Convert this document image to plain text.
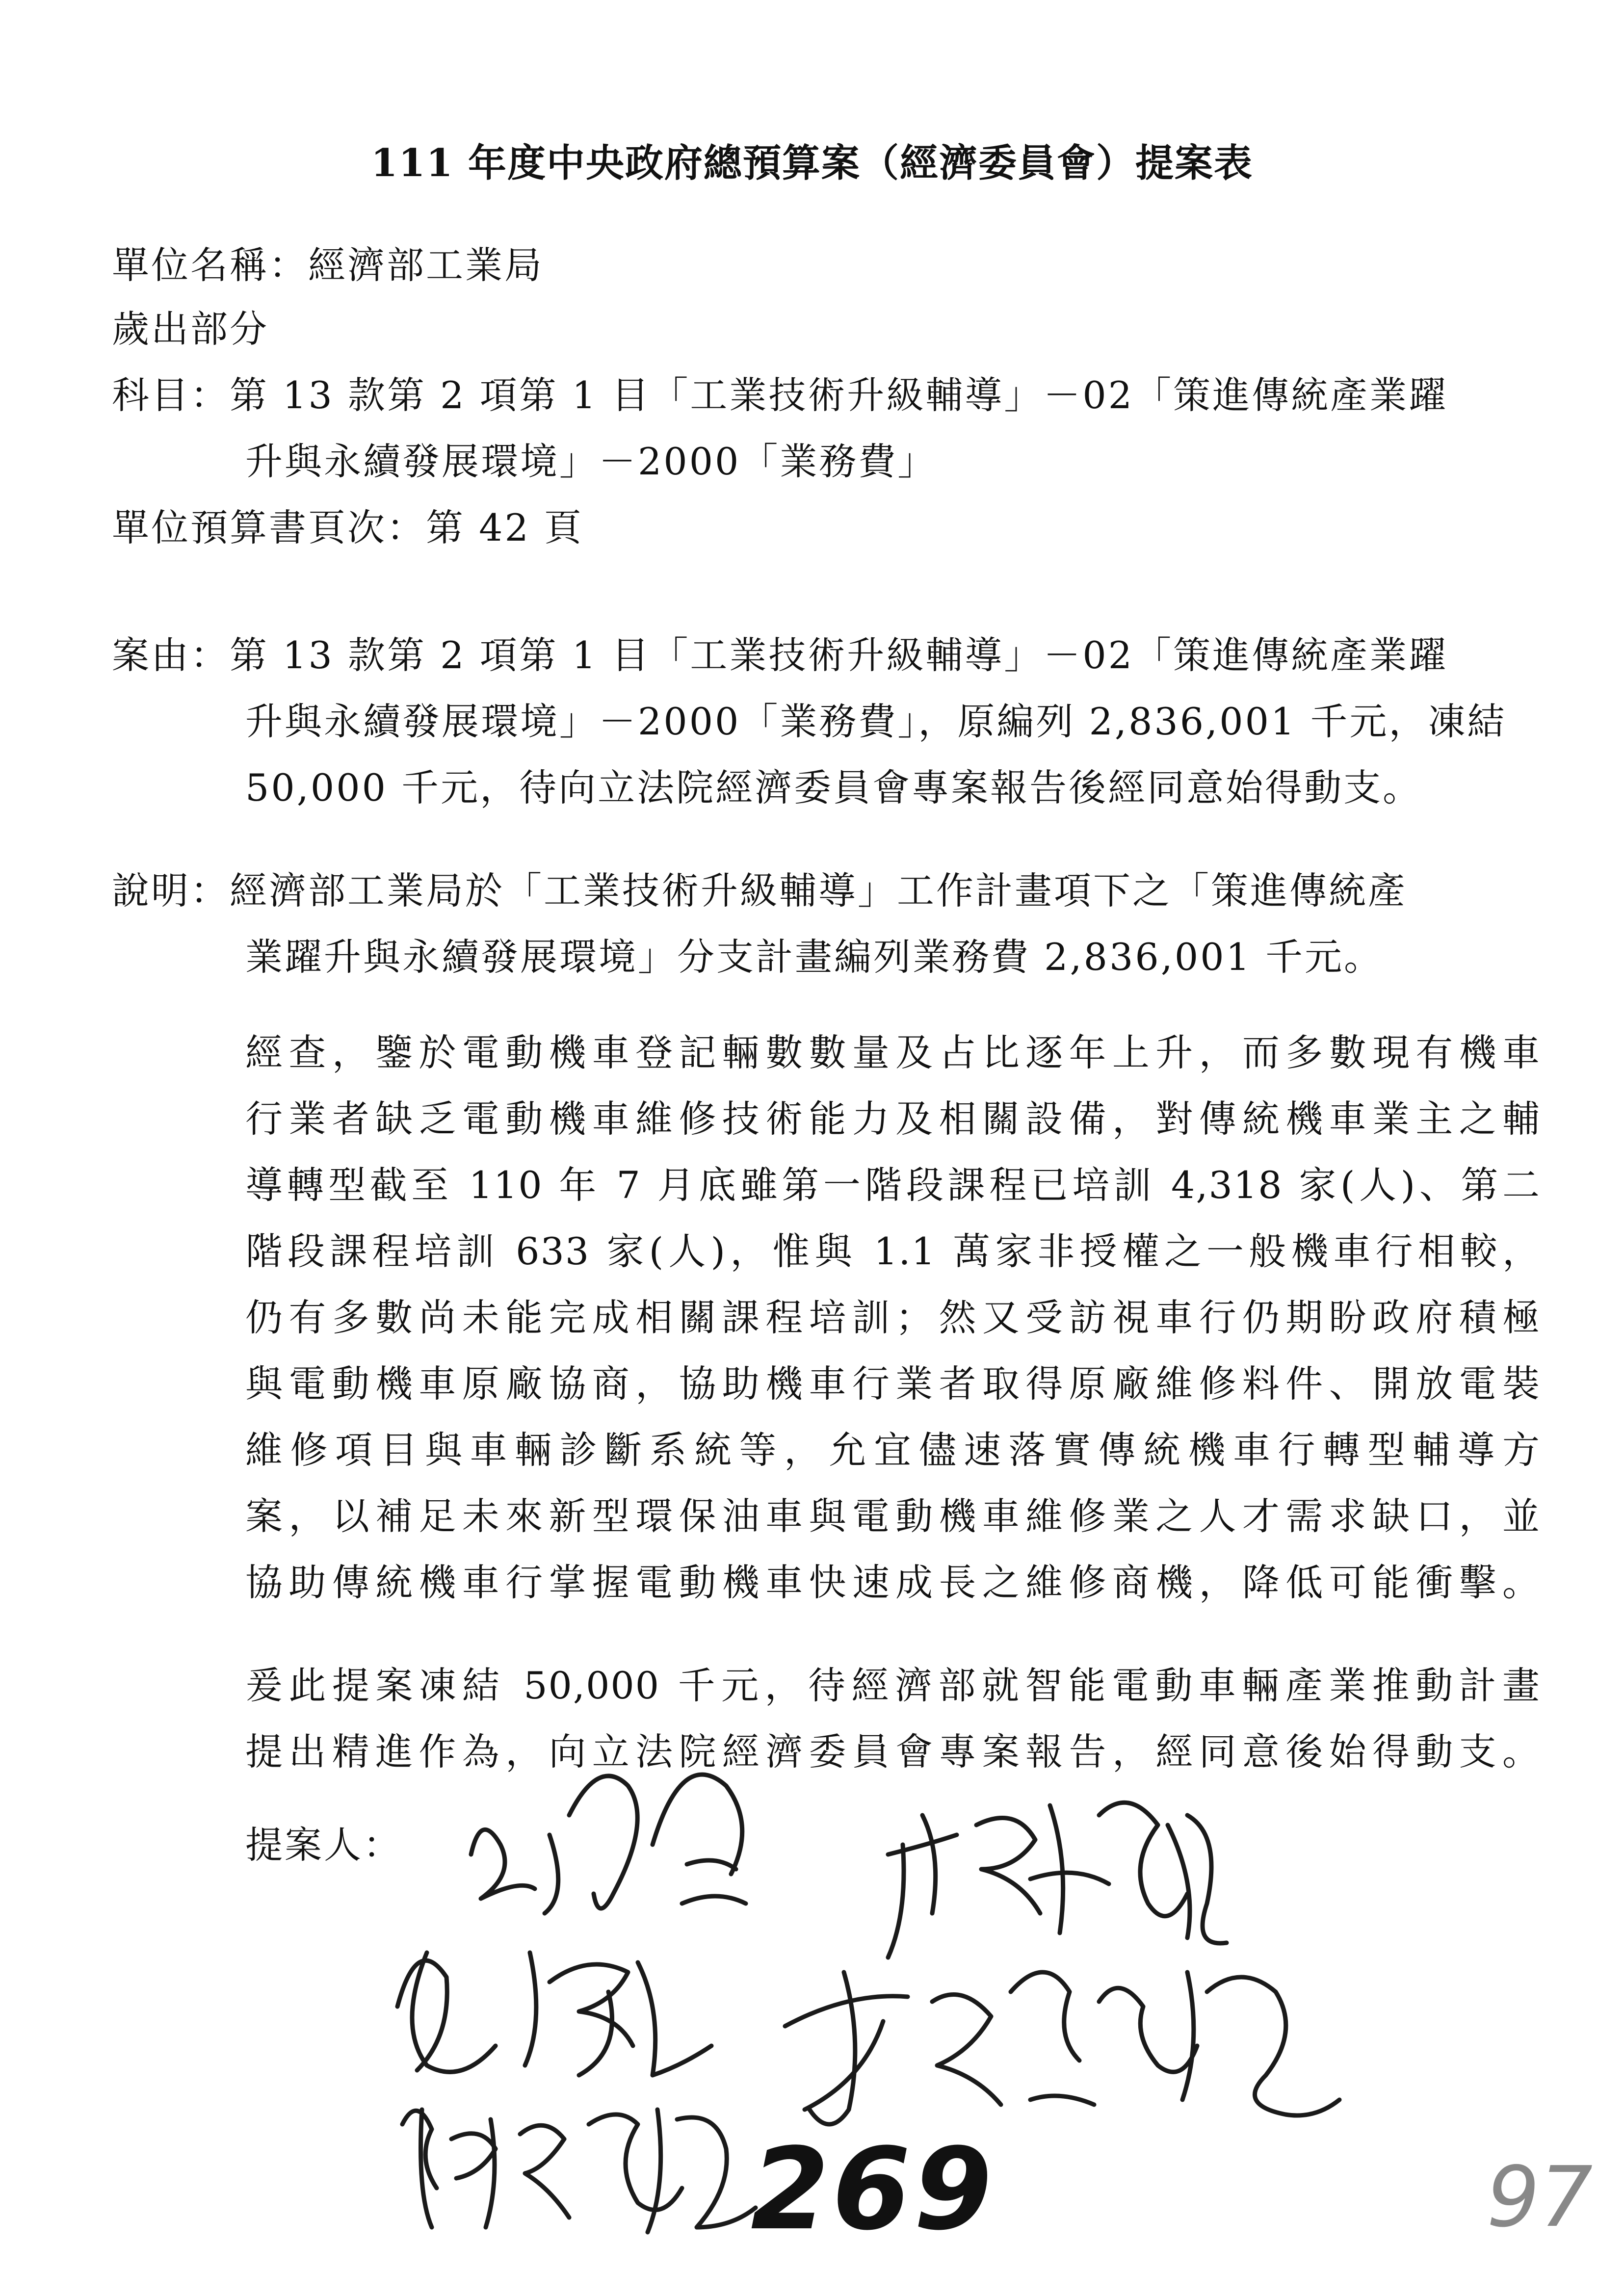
111 年度中央政府總預算案（經濟委員會）提案表
單位名稱：經濟部工業局
歲出部分
科目：第 13 款第 2 項第 1 目「工業技術升級輔導」－02「策進傳統產業躍
升與永續發展環境」－2000「業務費」
單位預算書頁次：第 42 頁
案由：第 13 款第 2 項第 1 目「工業技術升級輔導」－02「策進傳統產業躍
升與永續發展環境」－2000「業務費」，原編列 2,836,001 千元，凍結
50,000 千元，待向立法院經濟委員會專案報告後經同意始得動支。
說明：經濟部工業局於「工業技術升級輔導」工作計畫項下之「策進傳統產
業躍升與永續發展環境」分支計畫編列業務費 2,836,001 千元。
經查，鑒於電動機車登記輛數數量及占比逐年上升，而多數現有機車
行業者缺乏電動機車維修技術能力及相關設備，對傳統機車業主之輔
導轉型截至 110 年 7 月底雖第一階段課程已培訓 4,318 家(人)、第二
階段課程培訓 633 家(人)，惟與 1.1 萬家非授權之一般機車行相較，
仍有多數尚未能完成相關課程培訓；然又受訪視車行仍期盼政府積極
與電動機車原廠協商，協助機車行業者取得原廠維修料件、開放電裝
維修項目與車輛診斷系統等，允宜儘速落實傳統機車行轉型輔導方
案，以補足未來新型環保油車與電動機車維修業之人才需求缺口，並
協助傳統機車行掌握電動機車快速成長之維修商機，降低可能衝擊。
爰此提案凍結 50,000 千元，待經濟部就智能電動車輛產業推動計畫
提出精進作為，向立法院經濟委員會專案報告，經同意後始得動支。
提案人：
269	97
